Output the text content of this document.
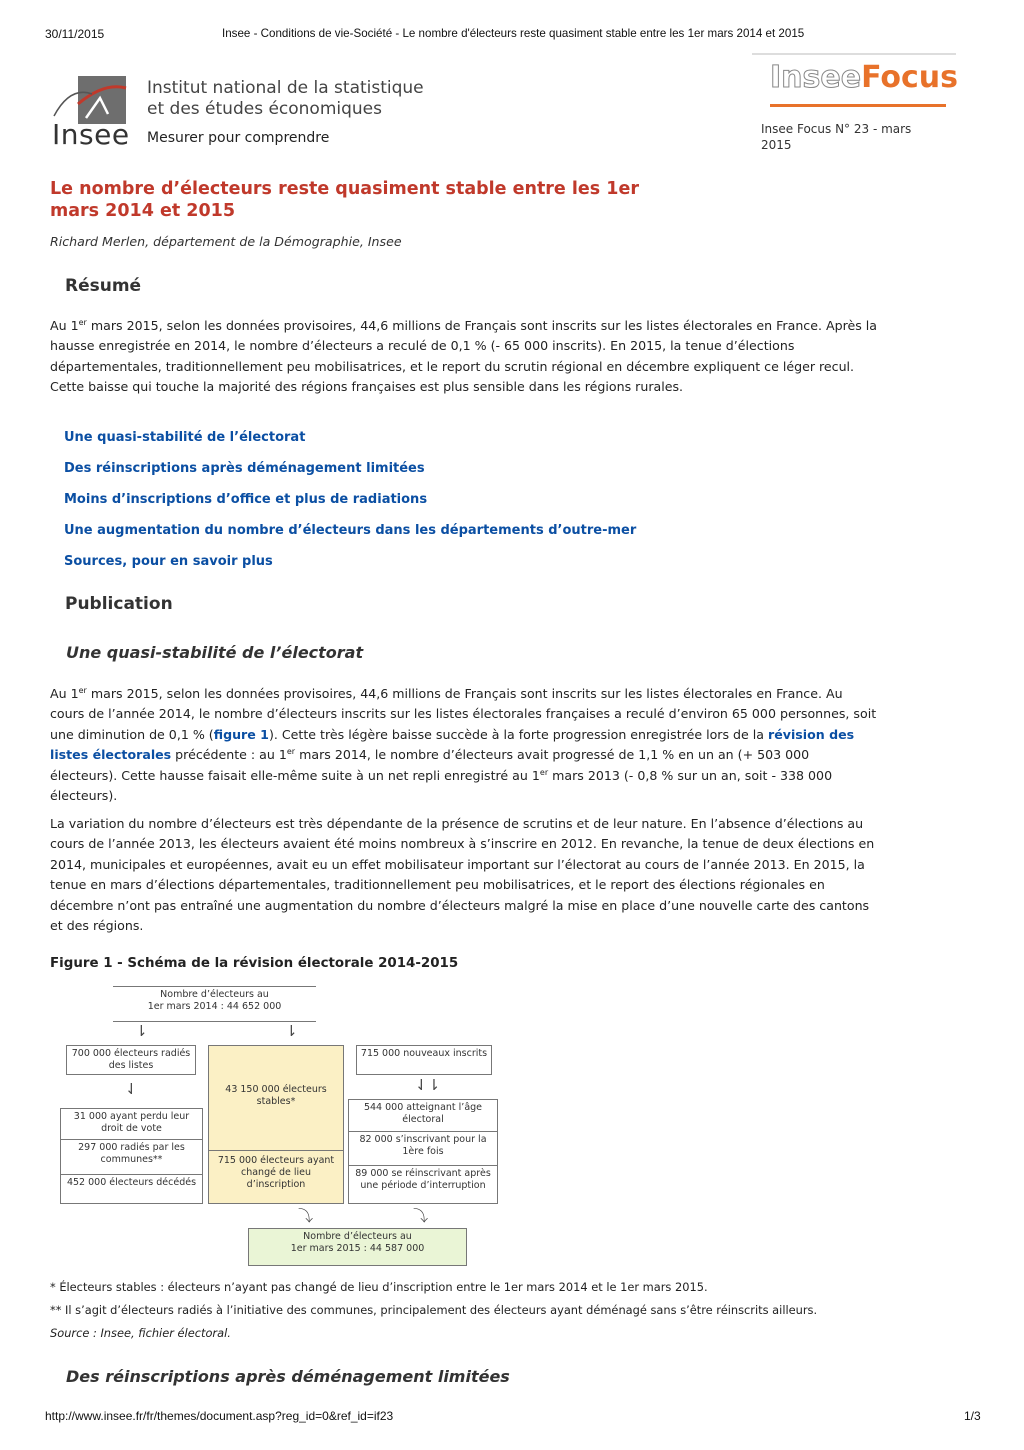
30/11/2015	Insee - Conditions de vie-Société - Le nombre d'électeurs reste quasiment stable entre les 1er mars 2014 et 2015
Insee
Institut national de la statistique
et des études économiques
Mesurer pour comprendre
InseeFocus
Insee Focus N° 23 - mars 2015
Le nombre d’électeurs reste quasiment stable entre les 1er mars 2014 et 2015
Richard Merlen, département de la Démographie, Insee
Résumé
Au 1er mars 2015, selon les données provisoires, 44,6 millions de Français sont inscrits sur les listes électorales en France. Après la hausse enregistrée en 2014, le nombre d’électeurs a reculé de 0,1 % (- 65 000 inscrits). En 2015, la tenue d’élections départementales, traditionnellement peu mobilisatrices, et le report du scrutin régional en décembre expliquent ce léger recul. Cette baisse qui touche la majorité des régions françaises est plus sensible dans les régions rurales.
Une quasi-stabilité de l’électorat
Des réinscriptions après déménagement limitées
Moins d’inscriptions d’office et plus de radiations
Une augmentation du nombre d’électeurs dans les départements d’outre-mer
Sources, pour en savoir plus
Publication
Une quasi-stabilité de l’électorat
Au 1er mars 2015, selon les données provisoires, 44,6 millions de Français sont inscrits sur les listes électorales en France. Au cours de l’année 2014, le nombre d’électeurs inscrits sur les listes électorales françaises a reculé d’environ 65 000 personnes, soit une diminution de 0,1 % (figure 1). Cette très légère baisse succède à la forte progression enregistrée lors de la révision des listes électorales précédente : au 1er mars 2014, le nombre d’électeurs avait progressé de 1,1 % en un an (+ 503 000 électeurs). Cette hausse faisait elle-même suite à un net repli enregistré au 1er mars 2013 (- 0,8 % sur un an, soit - 338 000 électeurs).
La variation du nombre d’électeurs est très dépendante de la présence de scrutins et de leur nature. En l’absence d’élections au cours de l’année 2013, les électeurs avaient été moins nombreux à s’inscrire en 2012. En revanche, la tenue de deux élections en 2014, municipales et européennes, avait eu un effet mobilisateur important sur l’électorat au cours de l’année 2013. En 2015, la tenue en mars d’élections départementales, traditionnellement peu mobilisatrices, et le report des élections régionales en décembre n’ont pas entraîné une augmentation du nombre d’électeurs malgré la mise en place d’une nouvelle carte des cantons et des régions.
Figure 1 - Schéma de la révision électorale 2014-2015
Nombre d’électeurs au
1er mars 2014 : 44 652 000
⇂	⇂
700 000 électeurs radiés des listes
⇃
31 000 ayant perdu leur droit de vote
297 000 radiés par les communes**
452 000 électeurs décédés
43 150 000 électeurs stables*
715 000 électeurs ayant changé de lieu d’inscription
715 000 nouveaux inscrits
⇃⇂
544 000 atteignant l’âge électoral
82 000 s’inscrivant pour la 1ère fois
89 000 se réinscrivant après une période d’interruption
⤵	⤵
Nombre d’électeurs au
1er mars 2015 : 44 587 000
* Électeurs stables : électeurs n’ayant pas changé de lieu d’inscription entre le 1er mars 2014 et le 1er mars 2015.
** Il s’agit d’électeurs radiés à l’initiative des communes, principalement des électeurs ayant déménagé sans s’être réinscrits ailleurs.
Source : Insee, fichier électoral.
Des réinscriptions après déménagement limitées
http://www.insee.fr/fr/themes/document.asp?reg_id=0&ref_id=if23	1/3
